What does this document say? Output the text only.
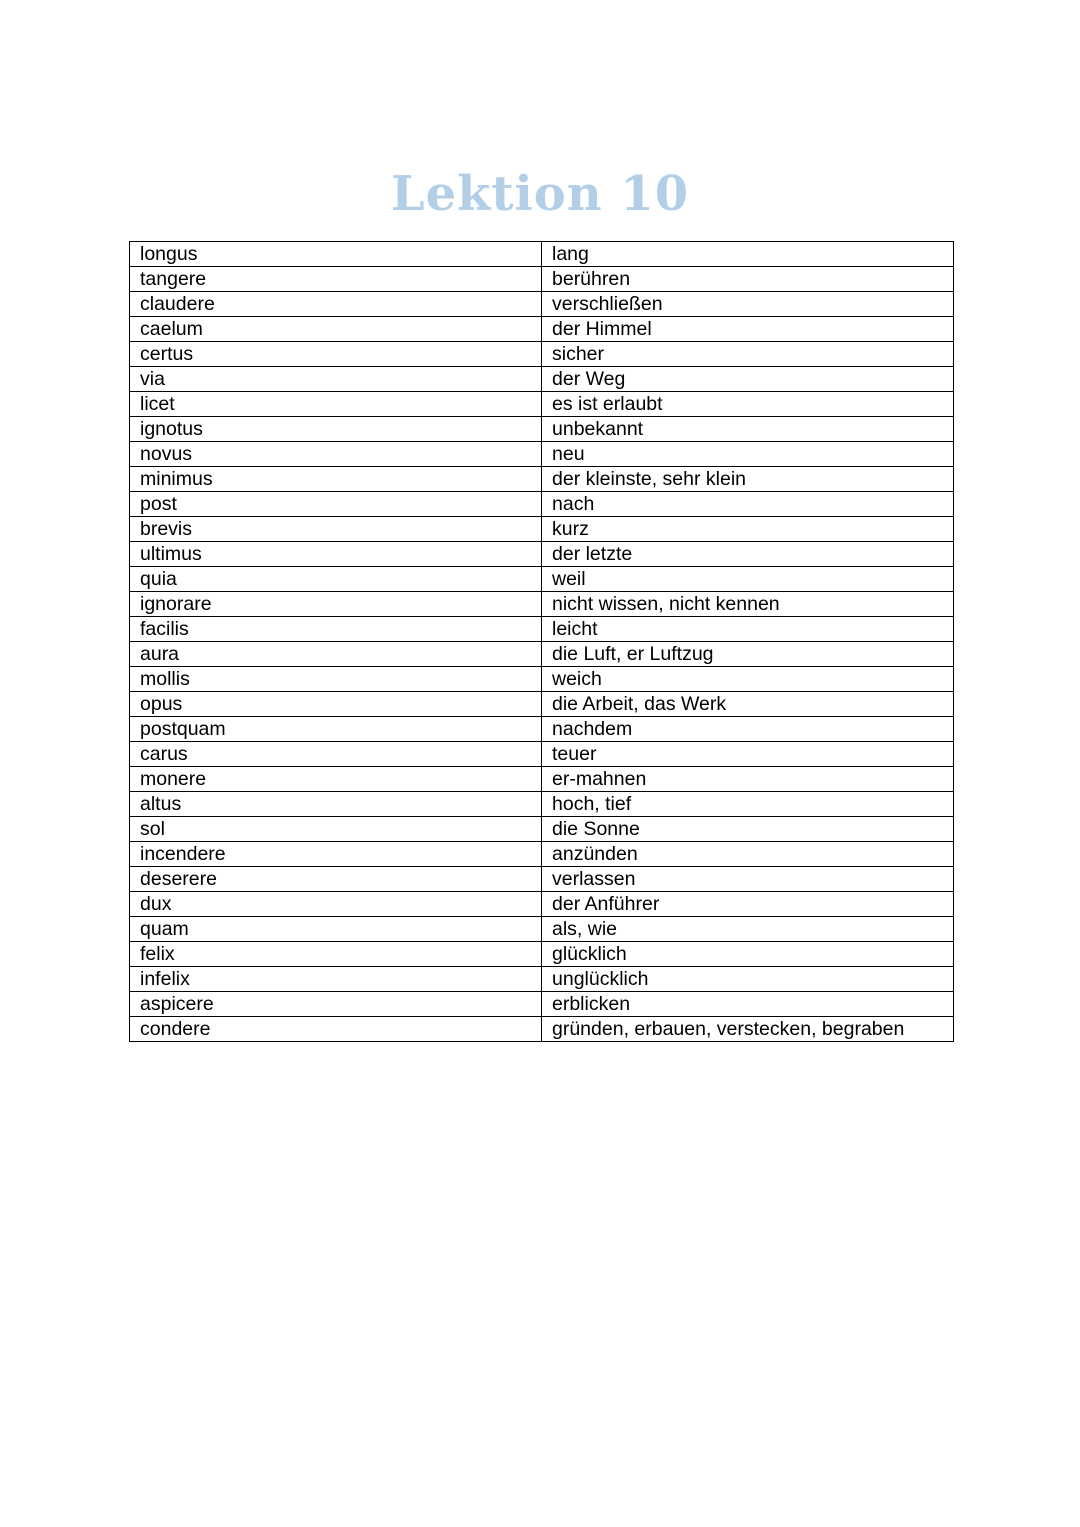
Lektion 10
longus	lang
tangere	berühren
claudere	verschließen
caelum	der Himmel
certus	sicher
via	der Weg
licet	es ist erlaubt
ignotus	unbekannt
novus	neu
minimus	der kleinste, sehr klein
post	nach
brevis	kurz
ultimus	der letzte
quia	weil
ignorare	nicht wissen, nicht kennen
facilis	leicht
aura	die Luft, er Luftzug
mollis	weich
opus	die Arbeit, das Werk
postquam	nachdem
carus	teuer
monere	er-mahnen
altus	hoch, tief
sol	die Sonne
incendere	anzünden
deserere	verlassen
dux	der Anführer
quam	als, wie
felix	glücklich
infelix	unglücklich
aspicere	erblicken
condere	gründen, erbauen, verstecken, begraben
